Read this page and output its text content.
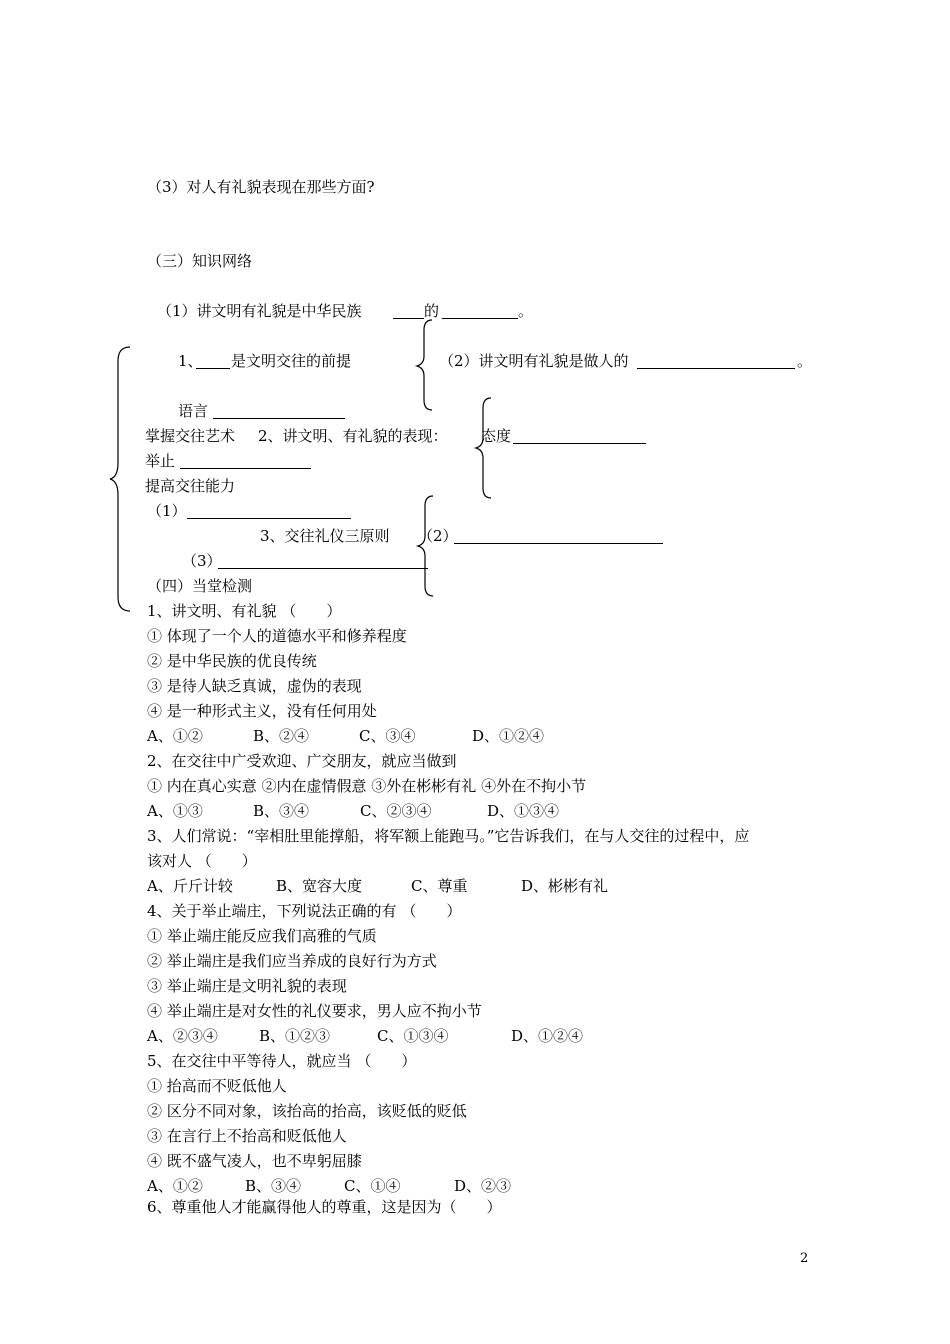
（3）对人有礼貌表现在那些方面?
（三）知识网络
（1）讲文明有礼貌是中华民族	的	。
1、 是文明交往的前提	（2）讲文明有礼貌是做人的	。
语言
掌握交往艺术 2、讲文明、有礼貌的表现： 态度
举止
提高交往能力
（1）
3、交往礼仪三原则 （2）
（3）
（四）当堂检测
1、讲文明、有礼貌 （　　）
① 体现了一个人的道德水平和修养程度
② 是中华民族的优良传统
③ 是待人缺乏真诚，虚伪的表现
④ 是一种形式主义，没有任何用处
A、①②	B、②④	C、③④	D、①②④
2、在交往中广受欢迎、广交朋友，就应当做到
① 内在真心实意 ②内在虚情假意 ③外在彬彬有礼 ④外在不拘小节
A、①③	B、③④	C、②③④	D、①③④
3、人们常说：“宰相肚里能撑船，将军额上能跑马。”它告诉我们，在与人交往的过程中，应
该对人 （　　）
A、斤斤计较	B、宽容大度	C、尊重	D、彬彬有礼
4、关于举止端庄，下列说法正确的有 （　　）
① 举止端庄能反应我们高雅的气质
② 举止端庄是我们应当养成的良好行为方式
③ 举止端庄是文明礼貌的表现
④ 举止端庄是对女性的礼仪要求，男人应不拘小节
A、②③④	B、①②③	C、①③④	D、①②④
5、在交往中平等待人，就应当 （　　）
① 抬高而不贬低他人
② 区分不同对象，该抬高的抬高，该贬低的贬低
③ 在言行上不抬高和贬低他人
④ 既不盛气凌人，也不卑躬屈膝
A、①②	B、③④	C、①④	D、②③
6、尊重他人才能赢得他人的尊重，这是因为（　　）
2
